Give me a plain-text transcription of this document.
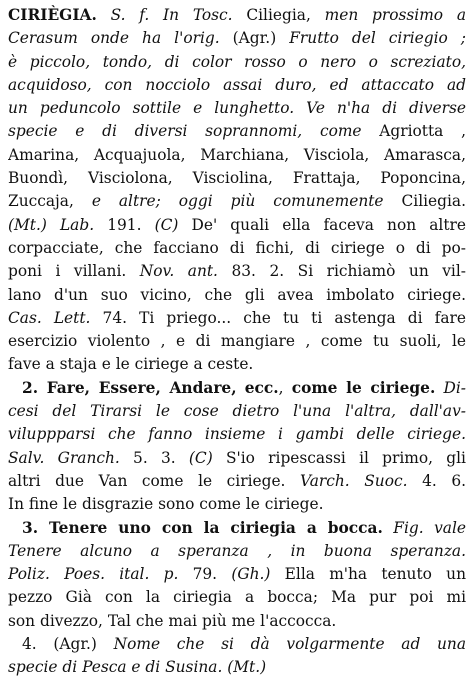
CIRIÈGIA. S. f. In Tosc. Ciliegia, men prossimo a
Cerasum onde ha l'orig. (Agr.) Frutto del ciriegio ;
è piccolo, tondo, di color rosso o nero o screziato,
acquidoso, con nocciolo assai duro, ed attaccato ad
un peduncolo sottile e lunghetto. Ve n'ha di diverse
specie e di diversi soprannomi, come Agriotta ,
Amarina, Acquajuola, Marchiana, Visciola, Amarasca,
Buondì, Visciolona, Visciolina, Frattaja, Poponcina,
Zuccaja, e altre; oggi più comunemente Ciliegia.
(Mt.) Lab. 191. (C) De' quali ella faceva non altre
corpacciate, che facciano di fichi, di ciriege o di po-
poni i villani. Nov. ant. 83. 2. Si richiamò un vil-
lano d'un suo vicino, che gli avea imbolato ciriege.
Cas. Lett. 74. Ti priego... che tu ti astenga di fare
esercizio violento , e di mangiare , come tu suoli, le
fave a staja e le ciriege a ceste.
2. Fare, Essere, Andare, ecc., come le ciriege. Di-
cesi del Tirarsi le cose dietro l'una l'altra, dall'av-
viluppparsi che fanno insieme i gambi delle ciriege.
Salv. Granch. 5. 3. (C) S'io ripescassi il primo, gli
altri due Van come le ciriege. Varch. Suoc. 4. 6.
In fine le disgrazie sono come le ciriege.
3. Tenere uno con la ciriegia a bocca. Fig. vale
Tenere alcuno a speranza , in buona speranza.
Poliz. Poes. ital. p. 79. (Gh.) Ella m'ha tenuto un
pezzo Già con la ciriegia a bocca; Ma pur poi mi
son divezzo, Tal che mai più me l'accocca.
4. (Agr.) Nome che si dà volgarmente ad una
specie di Pesca e di Susina. (Mt.)
